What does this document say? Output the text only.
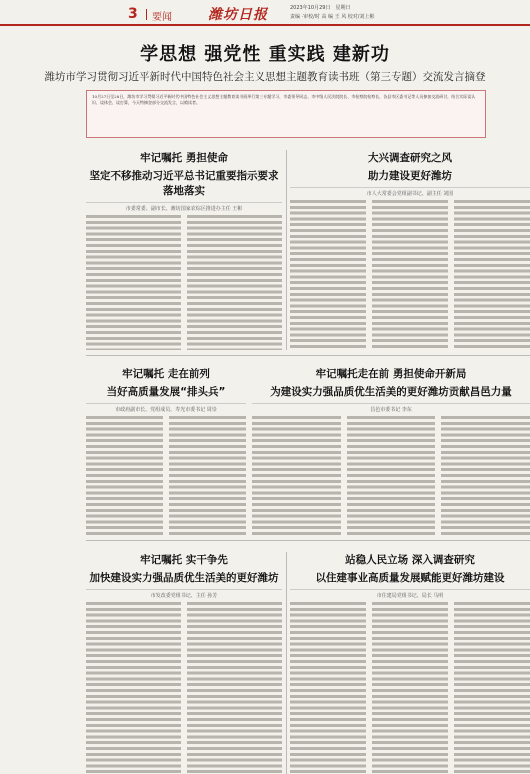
3 要闻	潍坊日报	2023年10月29日　星期日
责编 ·审校/时 高 编 王 风 校对/刘上彬
学思想 强党性 重实践 建新功
潍坊市学习贯彻习近平新时代中国特色社会主义思想主题教育读书班（第三专题）交流发言摘登
10月27日至28日，潍坊市学习贯彻习近平新时代中国特色社会主义思想主题教育读书班举行第三专题学习，市委领导同志、市中级人民法院院长、市检察院检察长，各县市区委书记等人员参加交流研讨，结合实际谈认识、谈体会、谈打算，今天特摘登部分交流发言，以飨读者。
牢记嘱托 勇担使命
坚定不移推动习近平总书记重要指示要求落地落实
市委常委、副市长、潍坊国家农综区推进办主任 王彬
大兴调查研究之风
助力建设更好潍坊
市人大常委会党组副书记、副主任 刘国
牢记嘱托 走在前列
当好高质量发展“排头兵”
市政府副市长、党组成员、寿光市委书记 周崇
牢记嘱托走在前 勇担使命开新局
为建设实力强品质优生活美的更好潍坊贡献昌邑力量
昌邑市委书记 李东
牢记嘱托 实干争先
加快建设实力强品质优生活美的更好潍坊
市发改委党组书记、主任 孙芳
站稳人民立场 深入调查研究
以住建事业高质量发展赋能更好潍坊建设
市住建局党组书记、局长 马明
